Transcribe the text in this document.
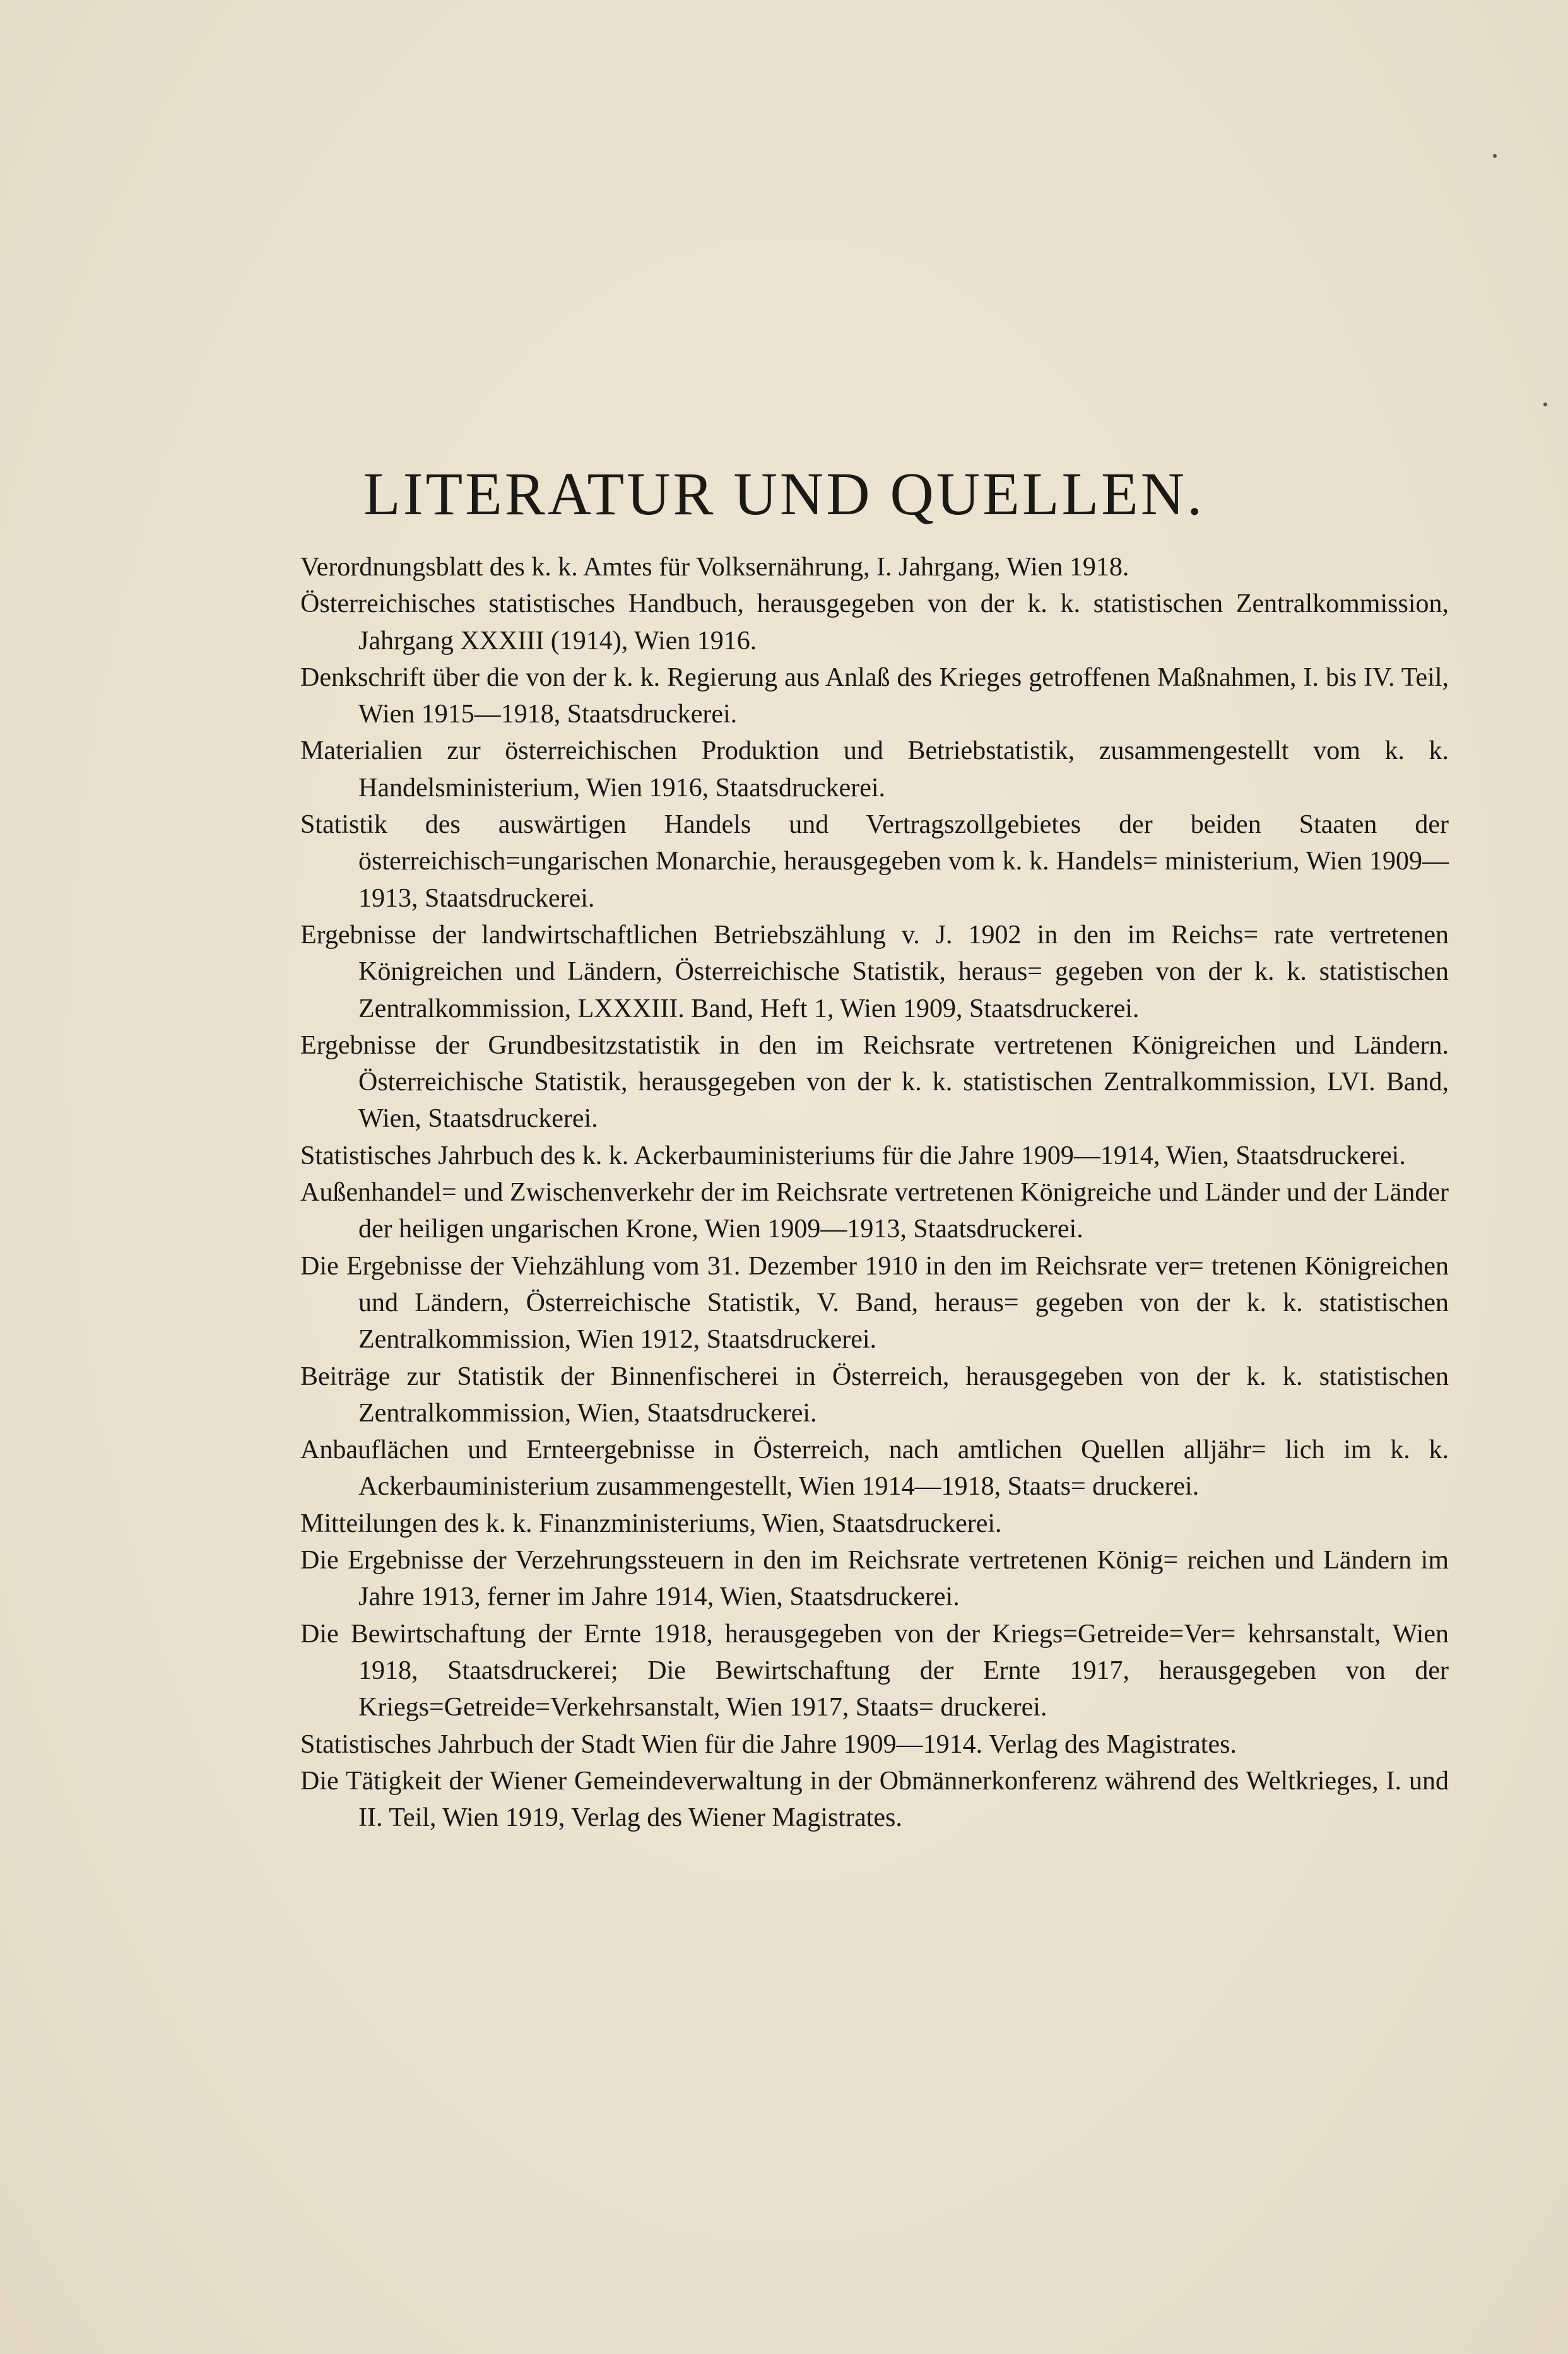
LITERATUR UND QUELLEN.
Verordnungsblatt des k. k. Amtes für Volksernährung, I. Jahrgang, Wien 1918.
Österreichisches statistisches Handbuch, herausgegeben von der k. k. statistischen Zentralkommission, Jahrgang XXXIII (1914), Wien 1916.
Denkschrift über die von der k. k. Regierung aus Anlaß des Krieges getroffenen Maßnahmen, I. bis IV. Teil, Wien 1915—1918, Staatsdruckerei.
Materialien zur österreichischen Produktion und Betriebstatistik, zusammengestellt vom k. k. Handelsministerium, Wien 1916, Staatsdruckerei.
Statistik des auswärtigen Handels und Vertragszollgebietes der beiden Staaten der österreichisch=ungarischen Monarchie, herausgegeben vom k. k. Handels= ministerium, Wien 1909—1913, Staatsdruckerei.
Ergebnisse der landwirtschaftlichen Betriebszählung v. J. 1902 in den im Reichs= rate vertretenen Königreichen und Ländern, Österreichische Statistik, heraus= gegeben von der k. k. statistischen Zentralkommission, LXXXIII. Band, Heft 1, Wien 1909, Staatsdruckerei.
Ergebnisse der Grundbesitzstatistik in den im Reichsrate vertretenen Königreichen und Ländern. Österreichische Statistik, herausgegeben von der k. k. statistischen Zentralkommission, LVI. Band, Wien, Staatsdruckerei.
Statistisches Jahrbuch des k. k. Ackerbauministeriums für die Jahre 1909—1914, Wien, Staatsdruckerei.
Außenhandel= und Zwischenverkehr der im Reichsrate vertretenen Königreiche und Länder und der Länder der heiligen ungarischen Krone, Wien 1909—1913, Staatsdruckerei.
Die Ergebnisse der Viehzählung vom 31. Dezember 1910 in den im Reichsrate ver= tretenen Königreichen und Ländern, Österreichische Statistik, V. Band, heraus= gegeben von der k. k. statistischen Zentralkommission, Wien 1912, Staatsdruckerei.
Beiträge zur Statistik der Binnenfischerei in Österreich, herausgegeben von der k. k. statistischen Zentralkommission, Wien, Staatsdruckerei.
Anbauflächen und Ernteergebnisse in Österreich, nach amtlichen Quellen alljähr= lich im k. k. Ackerbauministerium zusammengestellt, Wien 1914—1918, Staats= druckerei.
Mitteilungen des k. k. Finanzministeriums, Wien, Staatsdruckerei.
Die Ergebnisse der Verzehrungssteuern in den im Reichsrate vertretenen König= reichen und Ländern im Jahre 1913, ferner im Jahre 1914, Wien, Staatsdruckerei.
Die Bewirtschaftung der Ernte 1918, herausgegeben von der Kriegs=Getreide=Ver= kehrsanstalt, Wien 1918, Staatsdruckerei; Die Bewirtschaftung der Ernte 1917, herausgegeben von der Kriegs=Getreide=Verkehrsanstalt, Wien 1917, Staats= druckerei.
Statistisches Jahrbuch der Stadt Wien für die Jahre 1909—1914. Verlag des Magistrates.
Die Tätigkeit der Wiener Gemeindeverwaltung in der Obmännerkonferenz während des Weltkrieges, I. und II. Teil, Wien 1919, Verlag des Wiener Magistrates.
